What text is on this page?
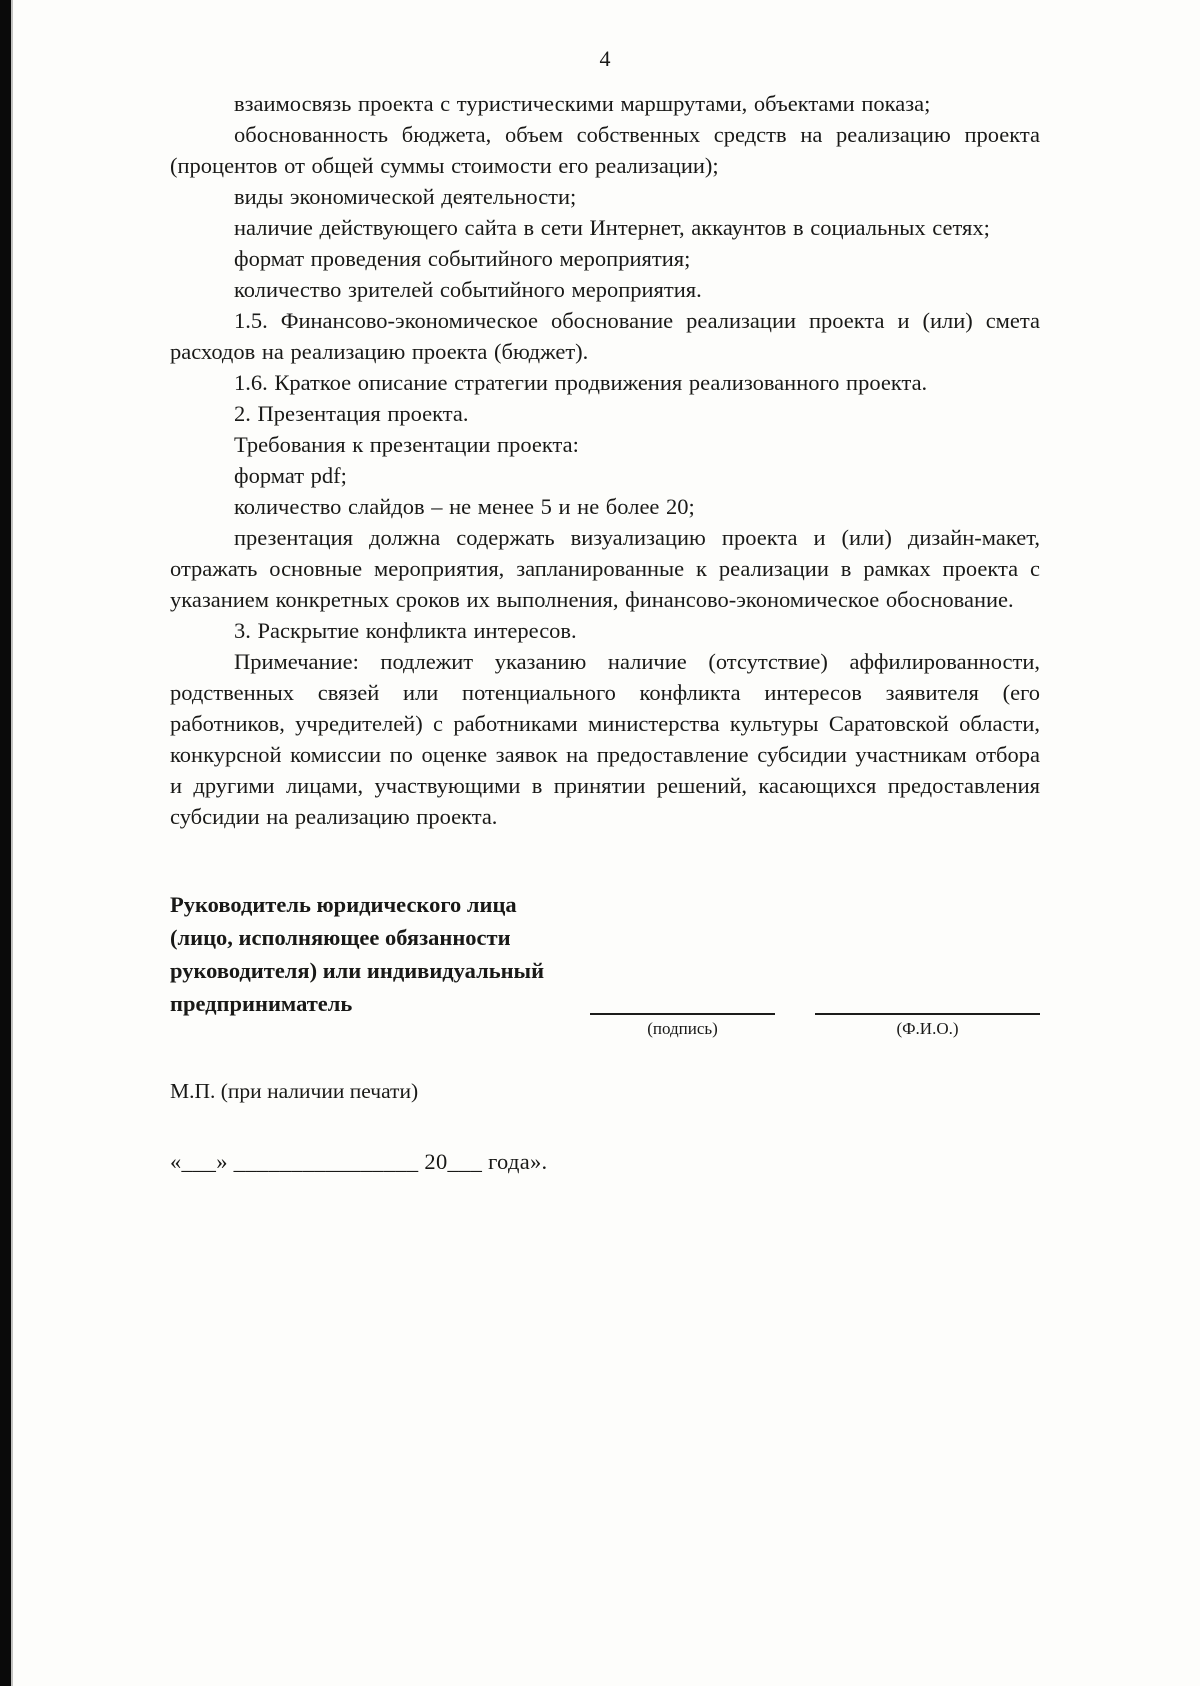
4

взаимосвязь проекта с туристическими маршрутами, объектами показа;

обоснованность бюджета, объем собственных средств на реализацию проекта (процентов от общей суммы стоимости его реализации);

виды экономической деятельности;

наличие действующего сайта в сети Интернет, аккаунтов в социальных сетях;

формат проведения событийного мероприятия;

количество зрителей событийного мероприятия.

1.5. Финансово-экономическое обоснование реализации проекта и (или) смета расходов на реализацию проекта (бюджет).

1.6. Краткое описание стратегии продвижения реализованного проекта.

2. Презентация проекта.

Требования к презентации проекта:

формат pdf;

количество слайдов – не менее 5 и не более 20;

презентация должна содержать визуализацию проекта и (или) дизайн-макет, отражать основные мероприятия, запланированные к реализации в рамках проекта с указанием конкретных сроков их выполнения, финансово-экономическое обоснование.

3. Раскрытие конфликта интересов.

Примечание: подлежит указанию наличие (отсутствие) аффилированности, родственных связей или потенциального конфликта интересов заявителя (его работников, учредителей) с работниками министерства культуры Саратовской области, конкурсной комиссии по оценке заявок на предоставление субсидии участникам отбора и другими лицами, участвующими в принятии решений, касающихся предоставления субсидии на реализацию проекта.

Руководитель юридического лица
(лицо, исполняющее обязанности
руководителя) или индивидуальный
предприниматель
(подпись)	(Ф.И.О.)
М.П. (при наличии печати)
«___» ________________ 20___ года».
